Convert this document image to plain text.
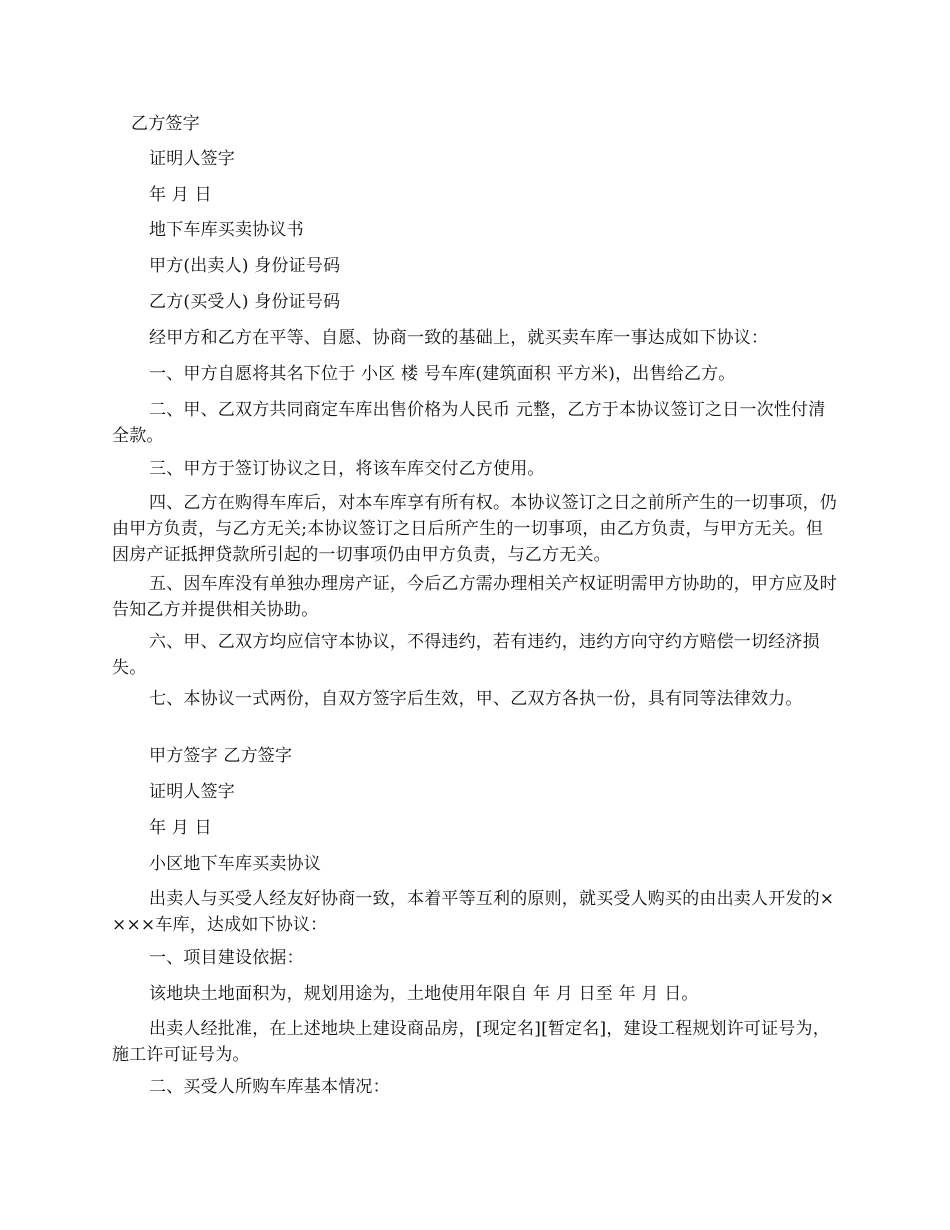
乙方签字

证明人签字

年 月 日

地下车库买卖协议书

甲方(出卖人) 身份证号码

乙方(买受人) 身份证号码

经甲方和乙方在平等、自愿、协商一致的基础上，就买卖车库一事达成如下协议：

一、甲方自愿将其名下位于 小区 楼 号车库(建筑面积 平方米)，出售给乙方。

二、甲、乙双方共同商定车库出售价格为人民币 元整，乙方于本协议签订之日一次性付清全款。

三、甲方于签订协议之日，将该车库交付乙方使用。

四、乙方在购得车库后，对本车库享有所有权。本协议签订之日之前所产生的一切事项，仍由甲方负责，与乙方无关;本协议签订之日后所产生的一切事项，由乙方负责，与甲方无关。但因房产证抵押贷款所引起的一切事项仍由甲方负责，与乙方无关。

五、因车库没有单独办理房产证，今后乙方需办理相关产权证明需甲方协助的，甲方应及时告知乙方并提供相关协助。

六、甲、乙双方均应信守本协议，不得违约，若有违约，违约方向守约方赔偿一切经济损失。

七、本协议一式两份，自双方签字后生效，甲、乙双方各执一份，具有同等法律效力。

甲方签字 乙方签字

证明人签字

年 月 日

小区地下车库买卖协议

出卖人与买受人经友好协商一致，本着平等互利的原则，就买受人购买的由出卖人开发的××××车库，达成如下协议：

一、项目建设依据：

该地块土地面积为，规划用途为，土地使用年限自 年 月 日至 年 月 日。

出卖人经批准，在上述地块上建设商品房，[现定名][暂定名]，建设工程规划许可证号为，施工许可证号为。

二、买受人所购车库基本情况：
